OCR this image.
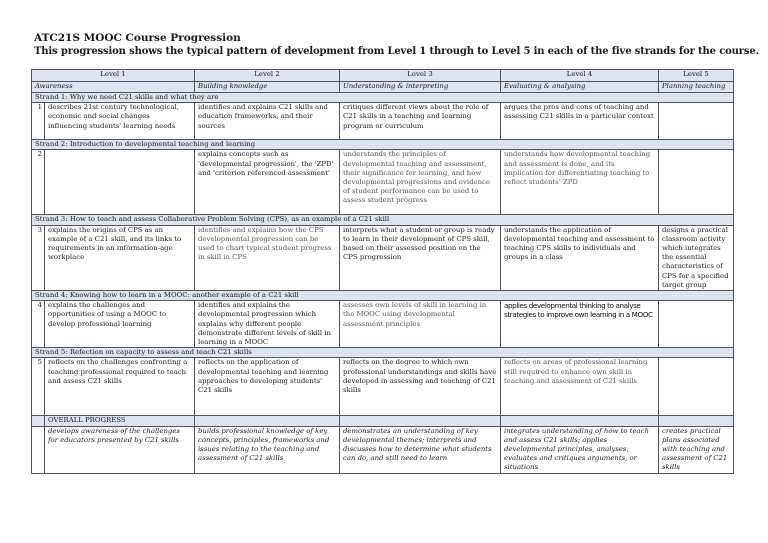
ATC21S MOOC Course Progression
This progression shows the typical pattern of development from Level 1 through to Level 5 in each of the five strands for the course.
Level 1		Level 2	Level 3	Level 4	Level 5
Awareness		Building knowledge	Understanding & interpreting	Evaluating & analysing	Planning teaching
Strand 1: Why we need C21 skills and what they are					
1	describes 21st century technological, economic and social changes influencing students' learning needs	identifies and explains C21 skills and education frameworks, and their sources	critiques different views about the role of C21 skills in a teaching and learning program or curriculum	argues the pros and cons of teaching and assessing C21 skills in a particular context	
Strand 2: Introduction to developmental teaching and learning					
2		explains concepts such as 'developmental progression', the 'ZPD' and 'criterion referenced assessment'	understands the principles of developmental teaching and assessment, their significance for learning, and how developmental progressions and evidence of student performance can be used to assess student progress	understands how developmental teaching and assessment is done, and its implication for differentiating teaching to reflect students' ZPD	
Strand 3: How to teach and assess Collaborative Problem Solving (CPS), as an example of a C21 skill					
3	explains the origins of CPS as an example of a C21 skill, and its links to requirements in an information-age workplace	identifies and explains how the CPS developmental progression can be used to chart typical student progress in skill in CPS	interprets what a student or group is ready to learn in their development of CPS skill, based on their assessed position on the CPS progression	understands the application of developmental teaching and assessment to teaching CPS skills to individuals and groups in a class	designs a practical classroom activity which integrates the essential characteristics of CPS for a specified target group
Strand 4: Knowing how to learn in a MOOC: another example of a C21 skill					
4	explains the challenges and opportunities of using a MOOC to develop professional learning	identifies and explains the developmental progression which explains why different people demonstrate different levels of skill in learning in a MOOC	assesses own levels of skill in learning in the MOOC using developmental assessment principles	applies developmental thinking to analyse strategies to improve own learning in a MOOC	
Strand 5: Refection on capacity to assess and teach C21 skills					
5	reflects on the challenges confronting a teaching professional required to teach and assess C21 skills	reflects on the application of developmental teaching and learning approaches to developing students' C21 skills	reflects on the degree to which own professional understandings and skills have developed in assessing and teaching of C21 skills	reflects on areas of professional learning still required to enhance own skill in teaching and assessment of C21 skills	
	OVERALL PROGRESS				
	develops awareness of the challenges for educators presented by C21 skills	builds professional knowledge of key concepts, principles, frameworks and issues relating to the teaching and assessment of C21 skills	demonstrates an understanding of key developmental themes; interprets and discusses how to determine what students can do, and still need to learn	integrates understanding of how to teach and assess C21 skills; applies developmental principles, analyses, evaluates and critiques arguments, or situations	creates practical plans associated with teaching and assessment of C21 skills
